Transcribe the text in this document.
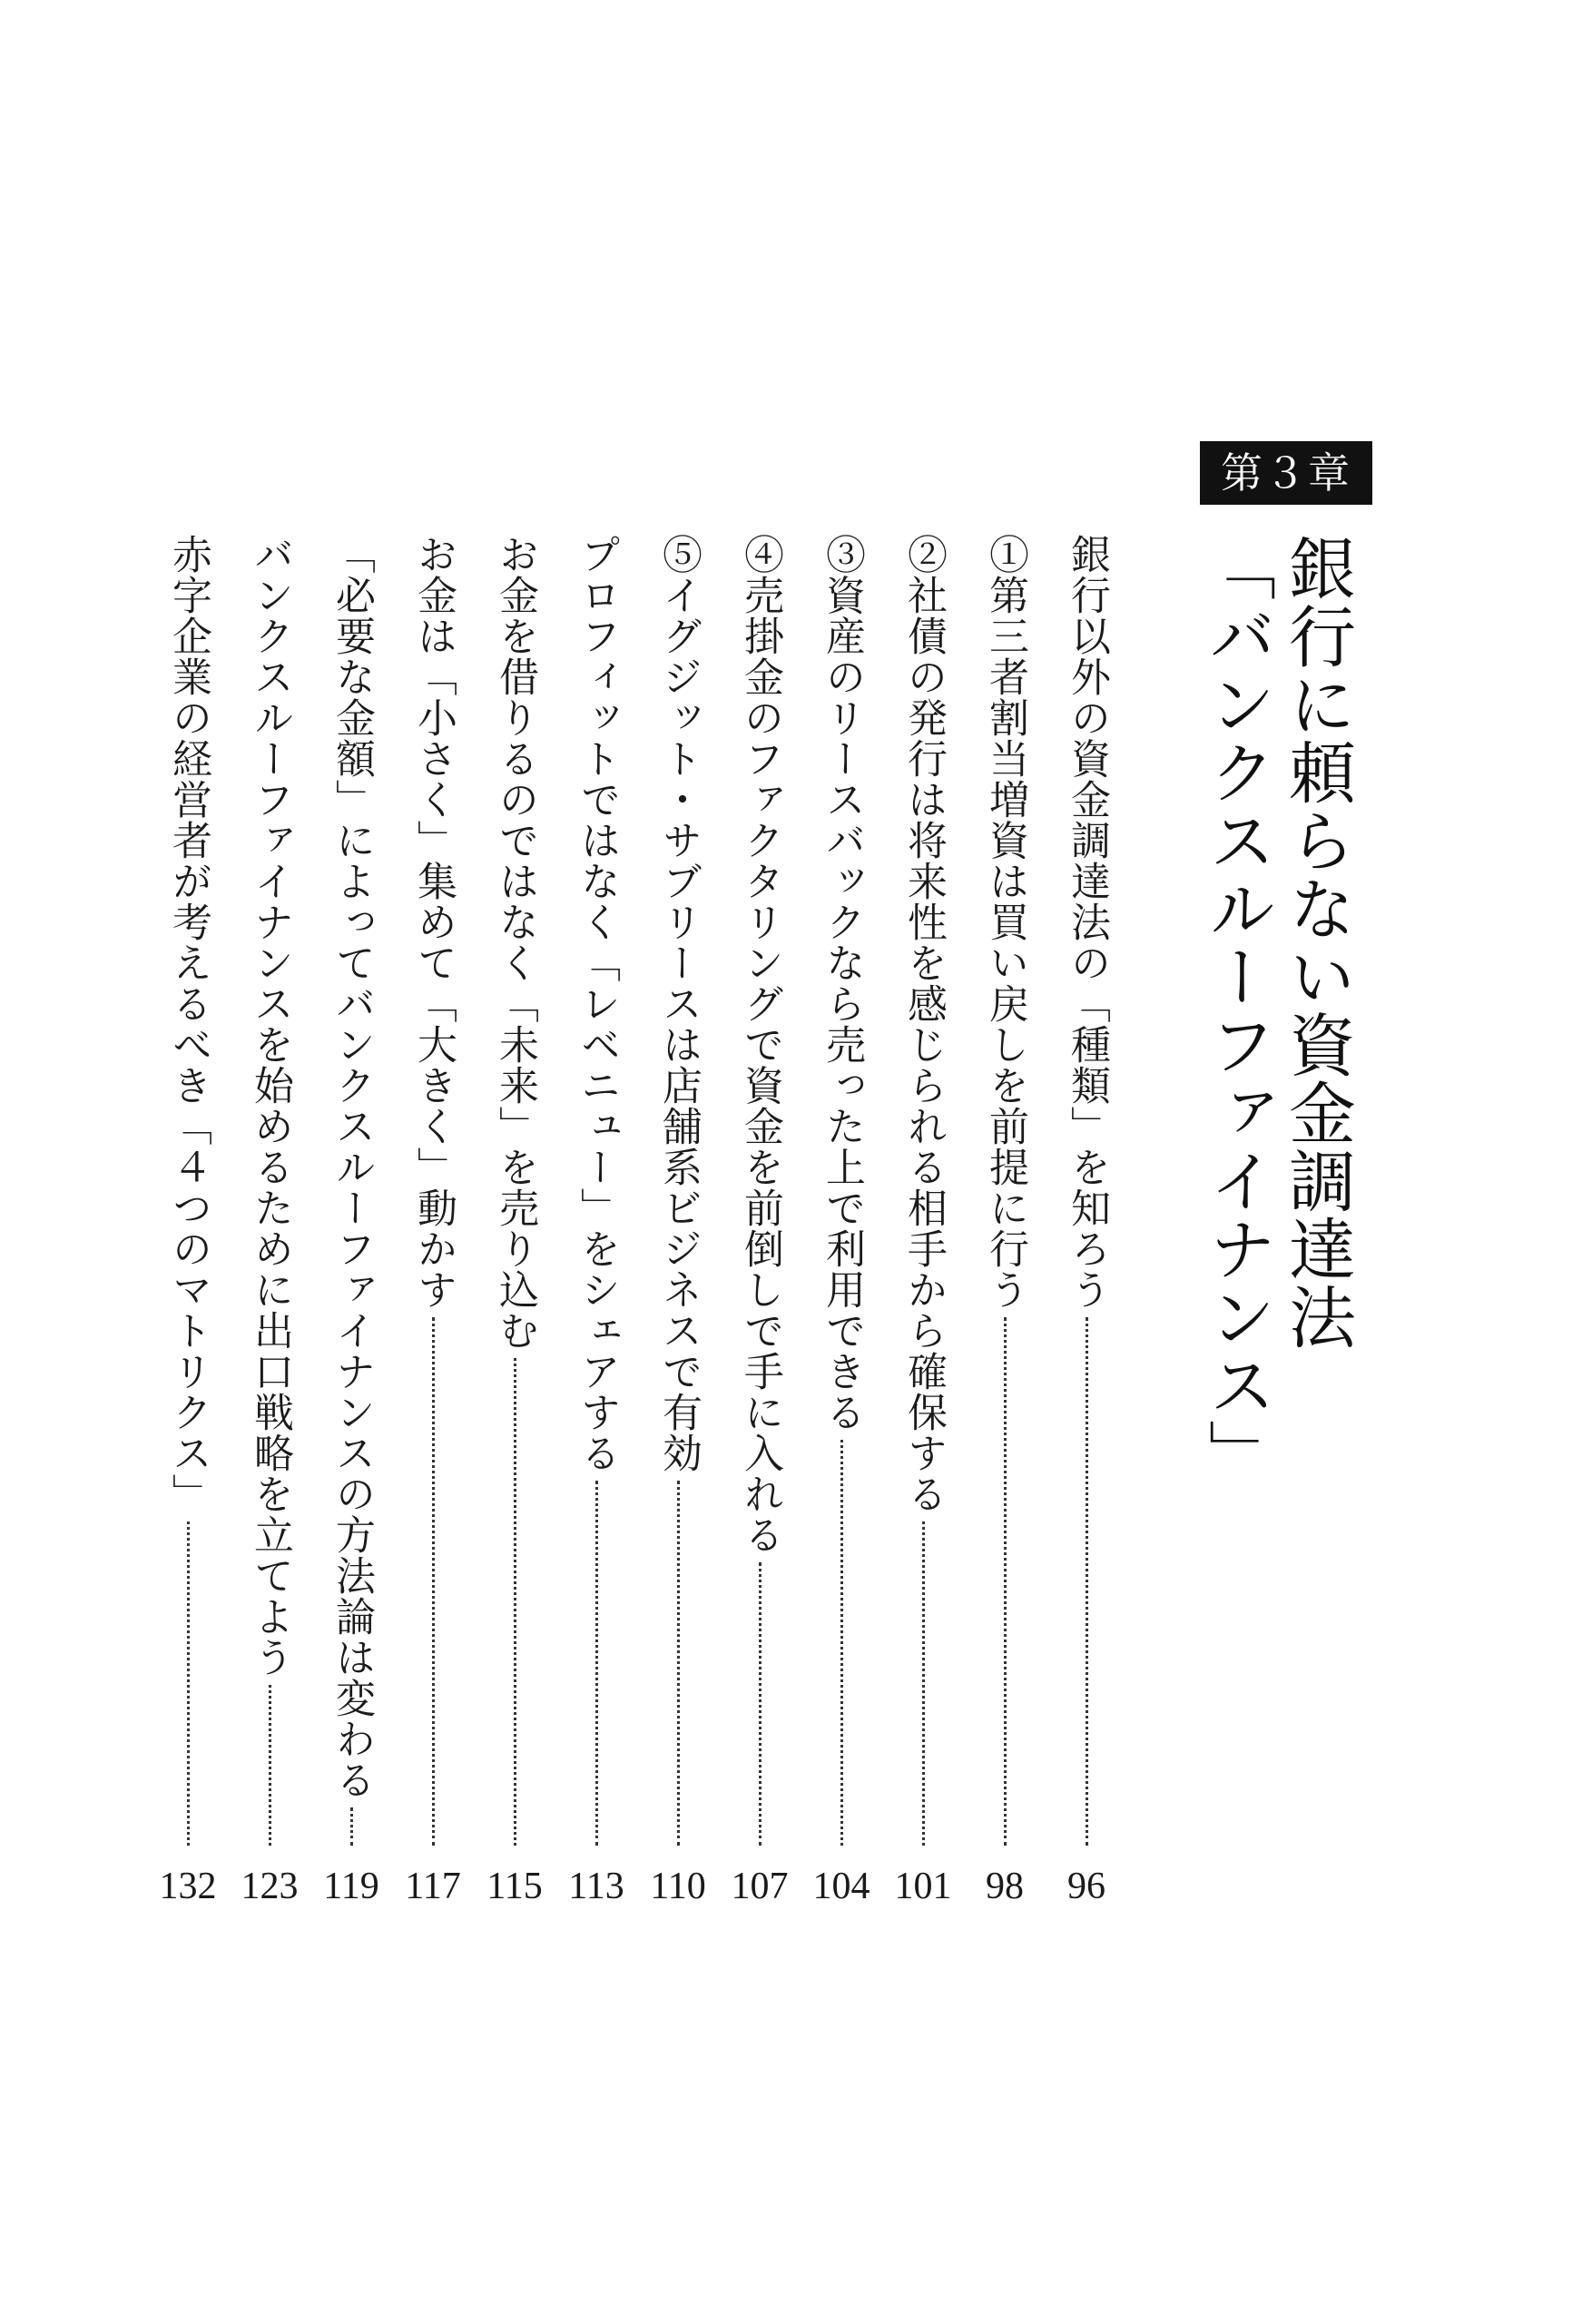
第３章
銀行に頼らない資金調達法
「バンクスルーファイナンス」
銀行以外の資金調達法の「種類」を知ろう
96
①第三者割当増資は買い戻しを前提に行う
98
②社債の発行は将来性を感じられる相手から確保する
101
③資産のリースバックなら売った上で利用できる
104
④売掛金のファクタリングで資金を前倒しで手に入れる
107
⑤イグジット・サブリースは店舗系ビジネスで有効
110
プロフィットではなく「レベニュー」をシェアする
113
お金を借りるのではなく「未来」を売り込む
115
お金は「小さく」集めて「大きく」動かす
117
「必要な金額」によってバンクスルーファイナンスの方法論は変わる
119
バンクスルーファイナンスを始めるために出口戦略を立てよう
123
赤字企業の経営者が考えるべき「４つのマトリクス」
132
